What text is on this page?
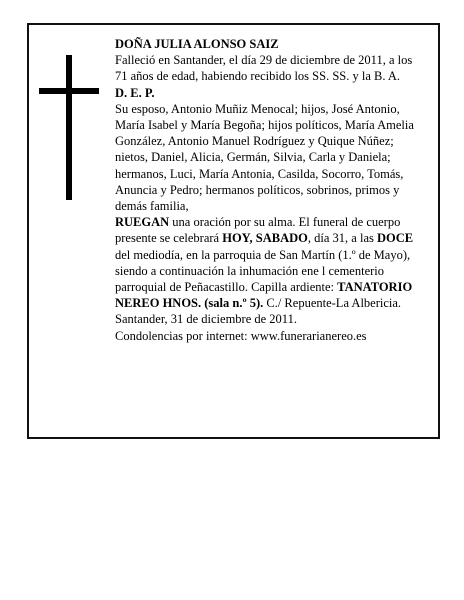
DOÑA JULIA ALONSO SAIZ

Falleció en Santander, el día 29 de diciembre de 2011, a los 71 años de edad, habiendo recibido los SS. SS. y la B. A.

D. E. P.

Su esposo, Antonio Muñiz Menocal; hijos, José Antonio, María Isabel y María Begoña; hijos políticos, María Amelia González, Antonio Manuel Rodríguez y Quique Núñez; nietos, Daniel, Alicia, Germán, Silvia, Carla y Daniela; hermanos, Luci, María Antonia, Casilda, Socorro, Tomás, Anuncia y Pedro; hermanos políticos, sobrinos, primos y demás familia,

RUEGAN una oración por su alma. El funeral de cuerpo presente se celebrará HOY, SABADO, día 31, a las DOCE del mediodía, en la parroquia de San Martín (1.º de Mayo), siendo a continuación la inhumación ene l cementerio parroquial de Peñacastillo. Capilla ardiente: TANATORIO NEREO HNOS. (sala n.º 5). C./ Repuente-La Albericia.

Santander, 31 de diciembre de 2011.

Condolencias por internet: www.funerarianereo.es
